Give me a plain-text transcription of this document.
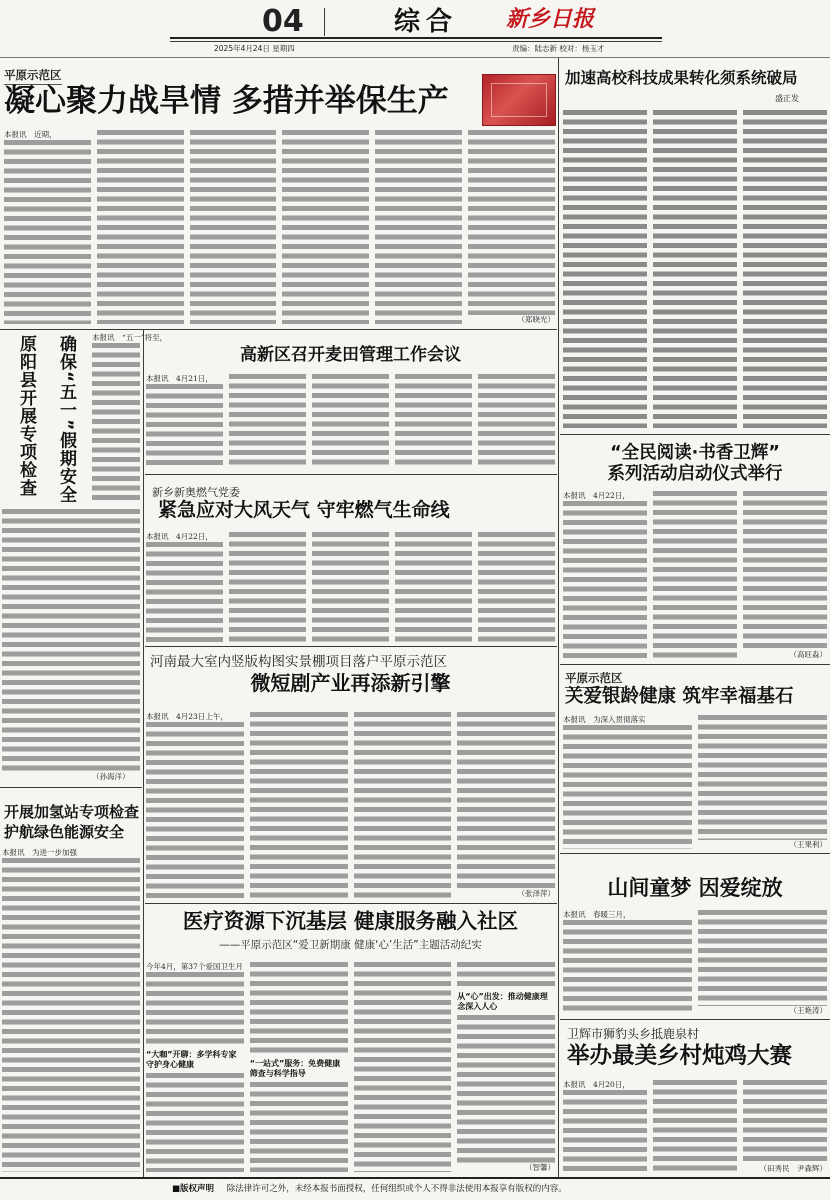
04	综合 新乡日报
2025年4月24日 星期四	责编：陆志新 校对：杨玉才
平原示范区
凝心聚力战旱情 多措并举保生产

本报讯　近期，

（郑晓光）

加速高校科技成果转化须系统破局
盛正发
确保“五一”假期安全
原阳县开展专项检查	本报讯　“五一”将至，

（孙海洋）

高新区召开麦田管理工作会议

本报讯　4月21日，

新乡新奥燃气党委
紧急应对大风天气 守牢燃气生命线

本报讯　4月22日，

河南最大室内竖版构图实景棚项目落户平原示范区
微短剧产业再添新引擎

本报讯　4月23日上午，

（张泽萍）

医疗资源下沉基层 健康服务融入社区
——平原示范区“爱卫新期康 健康‘心’生活”主题活动纪实

今年4月，第37个爱国卫生月

“大咖”开聊：多学科专家守护身心健康	“一站式”服务：免费健康筛查与科学指导

从“心”出发：推动健康理念深入人心

（智馨）

开展加氢站专项检查
护航绿色能源安全

本报讯　为进一步加强

“全民阅读·书香卫辉”
系列活动启动仪式举行

本报讯　4月22日，

（高旺淼）

平原示范区
关爱银龄健康 筑牢幸福基石

本报讯　为深入贯彻落实

（王果利）

山间童梦 因爱绽放

本报讯　春暖三月，

（王艳涛）

卫辉市狮豹头乡抵鹿泉村
举办最美乡村炖鸡大赛

本报讯　4月20日，

（田秀民　尹森辉）

■版权声明 除法律许可之外，未经本报书面授权，任何组织或个人不得非法使用本报享有版权的内容。
